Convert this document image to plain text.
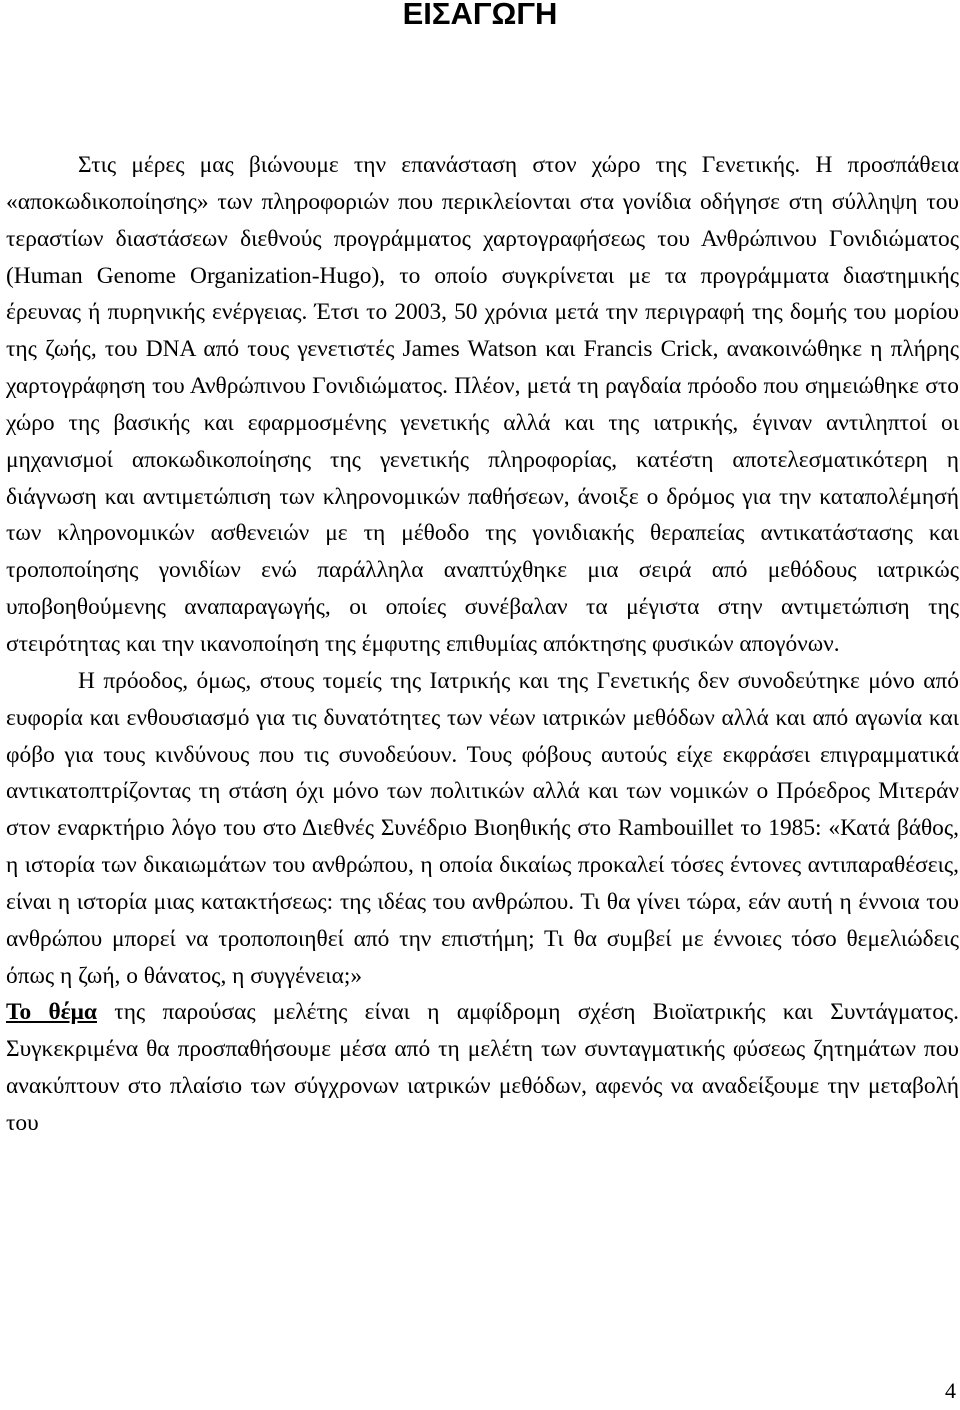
ΕΙΣΑΓΩΓΗ

Στις μέρες μας βιώνουμε την επανάσταση στον χώρο της Γενετικής. Η προσπάθεια «αποκωδικοποίησης» των πληροφοριών που περικλείονται στα γονίδια οδήγησε στη σύλληψη του τεραστίων διαστάσεων διεθνούς προγράμματος χαρτογραφήσεως του Ανθρώπινου Γονιδιώματος (Human Genome Organization-Hugo), το οποίο συγκρίνεται με τα προγράμματα διαστημικής έρευνας ή πυρηνικής ενέργειας. Έτσι το 2003, 50 χρόνια μετά την περιγραφή της δομής του μορίου της ζωής, του DNA από τους γενετιστές James Watson και Francis Crick, ανακοινώθηκε η πλήρης χαρτογράφηση του Ανθρώπινου Γονιδιώματος. Πλέον, μετά τη ραγδαία πρόοδο που σημειώθηκε στο χώρο της βασικής και εφαρμοσμένης γενετικής αλλά και της ιατρικής, έγιναν αντιληπτοί οι μηχανισμοί αποκωδικοποίησης της γενετικής πληροφορίας, κατέστη αποτελεσματικότερη η διάγνωση και αντιμετώπιση των κληρονομικών παθήσεων, άνοιξε ο δρόμος για την καταπολέμησή των κληρονομικών ασθενειών με τη μέθοδο της γονιδιακής θεραπείας αντικατάστασης και τροποποίησης γονιδίων ενώ παράλληλα αναπτύχθηκε μια σειρά από μεθόδους ιατρικώς υποβοηθούμενης αναπαραγωγής, οι οποίες συνέβαλαν τα μέγιστα στην αντιμετώπιση της στειρότητας και την ικανοποίηση της έμφυτης επιθυμίας απόκτησης φυσικών απογόνων.

Η πρόοδος, όμως, στους τομείς της Ιατρικής και της Γενετικής δεν συνοδεύτηκε μόνο από ευφορία και ενθουσιασμό για τις δυνατότητες των νέων ιατρικών μεθόδων αλλά και από αγωνία και φόβο για τους κινδύνους που τις συνοδεύουν. Τους φόβους αυτούς είχε εκφράσει επιγραμματικά αντικατοπτρίζοντας τη στάση όχι μόνο των πολιτικών αλλά και των νομικών ο Πρόεδρος Μιτεράν στον εναρκτήριο λόγο του στο Διεθνές Συνέδριο Βιοηθικής στο Rambouillet το 1985: «Κατά βάθος, η ιστορία των δικαιωμάτων του ανθρώπου, η οποία δικαίως προκαλεί τόσες έντονες αντιπαραθέσεις, είναι η ιστορία μιας κατακτήσεως: της ιδέας του ανθρώπου. Τι θα γίνει τώρα, εάν αυτή η έννοια του ανθρώπου μπορεί να τροποποιηθεί από την επιστήμη; Τι θα συμβεί με έννοιες τόσο θεμελιώδεις όπως η ζωή, ο θάνατος, η συγγένεια;»

Το θέμα της παρούσας μελέτης είναι η αμφίδρομη σχέση Βιοϊατρικής και Συντάγματος. Συγκεκριμένα θα προσπαθήσουμε μέσα από τη μελέτη των συνταγματικής φύσεως ζητημάτων που ανακύπτουν στο πλαίσιο των σύγχρονων ιατρικών μεθόδων, αφενός να αναδείξουμε την μεταβολή του

4
